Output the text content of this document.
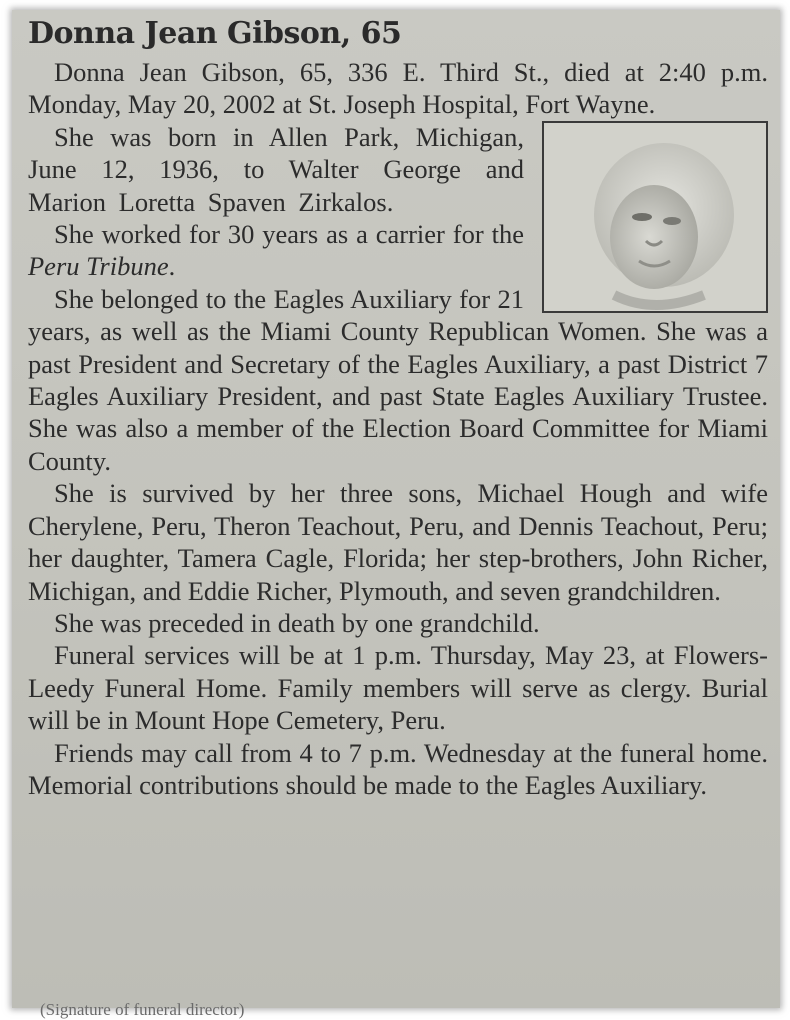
Donna Jean Gibson, 65

Donna Jean Gibson, 65, 336 E. Third St., died at 2:40 p.m. Monday, May 20, 2002 at St. Joseph Hospital, Fort Wayne.

She was born in Allen Park, Michigan, June 12, 1936, to Walter George and Marion Loretta Spaven Zirkalos.

She worked for 30 years as a carrier for the Peru Tribune.

She belonged to the Eagles Auxiliary for 21 years, as well as the Miami County Republican Women. She was a past President and Secretary of the Eagles Auxiliary, a past District 7 Eagles Auxiliary President, and past State Eagles Auxiliary Trustee. She was also a member of the Election Board Committee for Miami County.

She is survived by her three sons, Michael Hough and wife Cherylene, Peru, Theron Teachout, Peru, and Dennis Teachout, Peru; her daughter, Tamera Cagle, Florida; her step-brothers, John Richer, Michigan, and Eddie Richer, Plymouth, and seven grandchildren.

She was preceded in death by one grandchild.

Funeral services will be at 1 p.m. Thursday, May 23, at Flowers-Leedy Funeral Home. Family members will serve as clergy. Burial will be in Mount Hope Cemetery, Peru.

Friends may call from 4 to 7 p.m. Wednesday at the funeral home. Memorial contributions should be made to the Eagles Auxiliary.

(Signature of funeral director)
